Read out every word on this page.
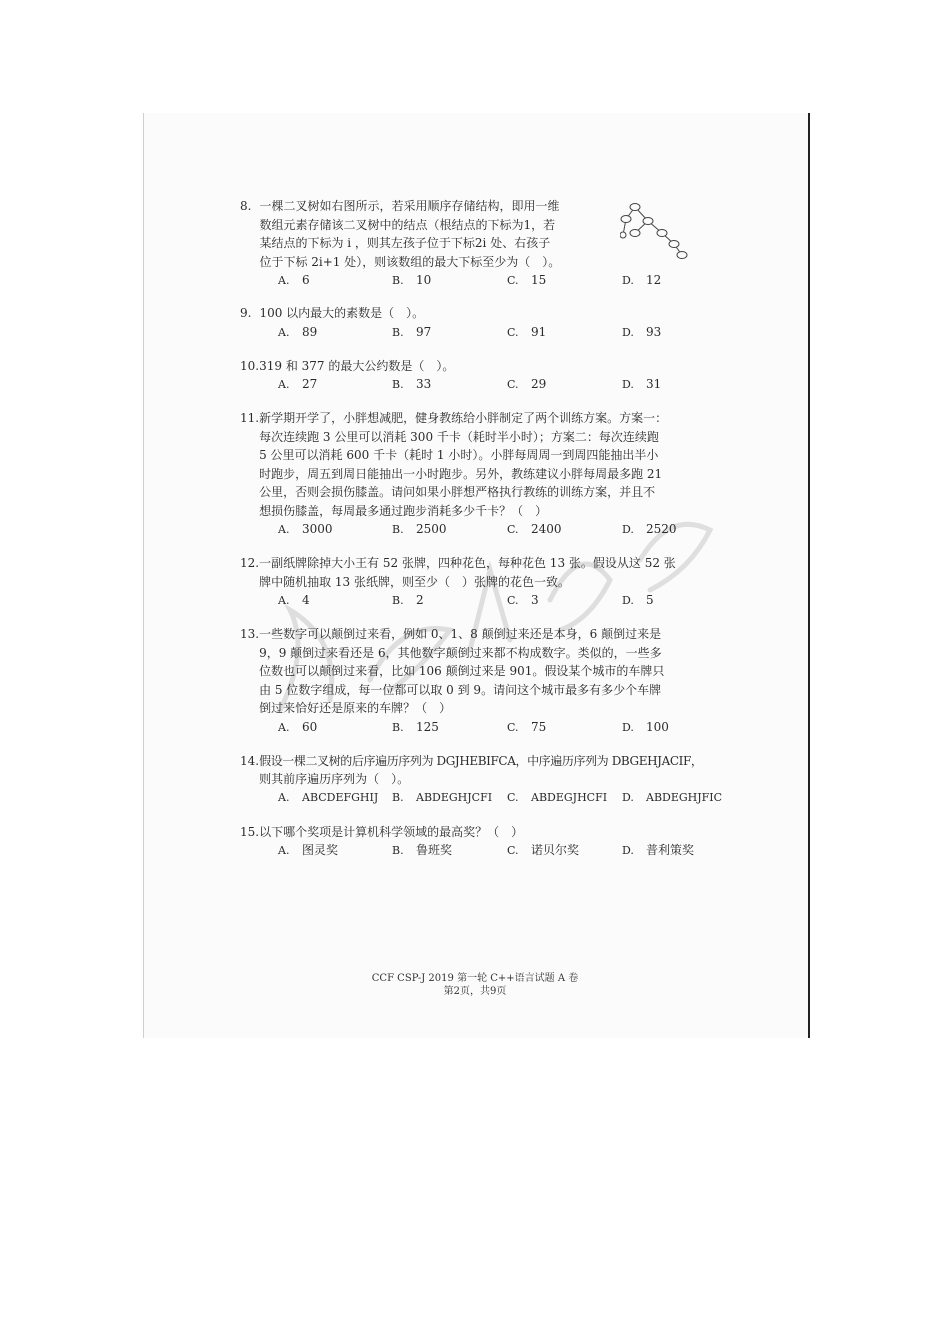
8. 一棵二叉树如右图所示，若采用顺序存储结构，即用一维
数组元素存储该二叉树中的结点（根结点的下标为1，若
某结点的下标为 i ，则其左孩子位于下标2i 处、右孩子
位于下标 2i+1 处），则该数组的最大下标至少为（　）。
A. 6	B. 10	C. 15	D. 12
9. 100 以内最大的素数是（　）。
A. 89	B. 97	C. 91	D. 93
10. 319 和 377 的最大公约数是（　）。
A. 27	B. 33	C. 29	D. 31
11. 新学期开学了，小胖想减肥，健身教练给小胖制定了两个训练方案。方案一：
每次连续跑 3 公里可以消耗 300 千卡（耗时半小时）；方案二：每次连续跑
5 公里可以消耗 600 千卡（耗时 1 小时）。小胖每周周一到周四能抽出半小
时跑步，周五到周日能抽出一小时跑步。另外，教练建议小胖每周最多跑 21
公里，否则会损伤膝盖。请问如果小胖想严格执行教练的训练方案，并且不
想损伤膝盖，每周最多通过跑步消耗多少千卡？（　）
A. 3000	B. 2500	C. 2400	D. 2520
12. 一副纸牌除掉大小王有 52 张牌，四种花色，每种花色 13 张。假设从这 52 张
牌中随机抽取 13 张纸牌，则至少（　）张牌的花色一致。
A. 4	B. 2	C. 3	D. 5
13. 一些数字可以颠倒过来看，例如 0、1、8 颠倒过来还是本身，6 颠倒过来是
9，9 颠倒过来看还是 6，其他数字颠倒过来都不构成数字。类似的，一些多
位数也可以颠倒过来看，比如 106 颠倒过来是 901。假设某个城市的车牌只
由 5 位数字组成，每一位都可以取 0 到 9。请问这个城市最多有多少个车牌
倒过来恰好还是原来的车牌？（　）
A. 60	B. 125	C. 75	D. 100
14. 假设一棵二叉树的后序遍历序列为 DGJHEBIFCA，中序遍历序列为 DBGEHJACIF，
则其前序遍历序列为（　）。
A. ABCDEFGHIJ B. ABDEGHJCFI C. ABDEGJHCFI D. ABDEGHJFIC
15. 以下哪个奖项是计算机科学领域的最高奖？（　）
A. 图灵奖	B. 鲁班奖	C. 诺贝尔奖	D. 普利策奖
CCF CSP-J 2019 第一轮 C++语言试题 A 卷
第2页，共9页
